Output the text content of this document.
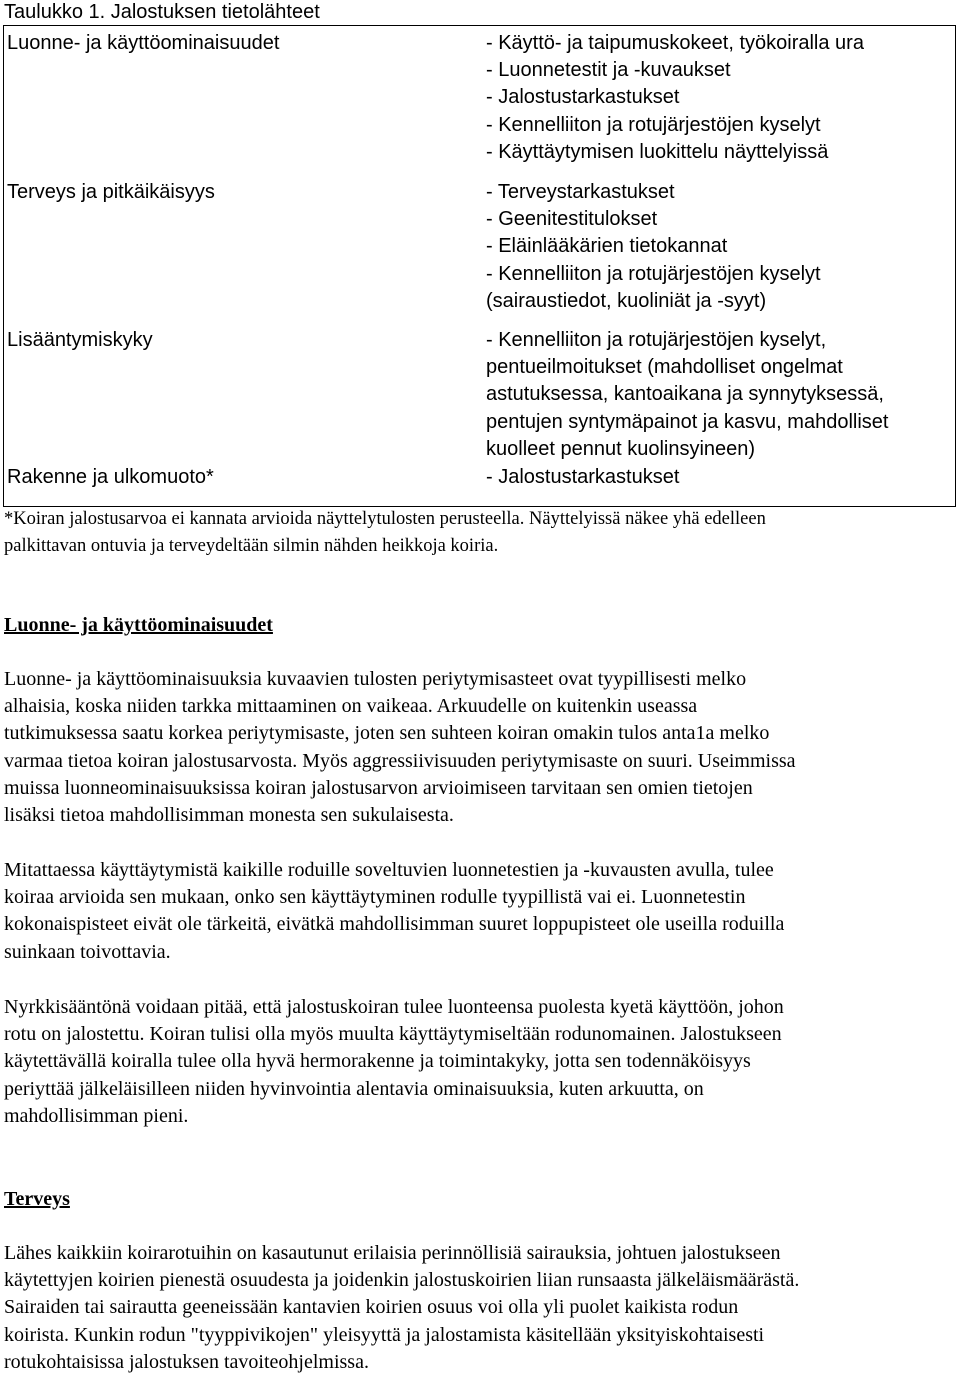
Taulukko 1. Jalostuksen tietolähteet
Luonne- ja käyttöominaisuudet	- Käyttö- ja taipumuskokeet, työkoiralla ura
- Luonnetestit ja -kuvaukset
- Jalostustarkastukset
- Kennelliiton ja rotujärjestöjen kyselyt
- Käyttäytymisen luokittelu näyttelyissä
Terveys ja pitkäikäisyys	- Terveystarkastukset
- Geenitestitulokset
- Eläinlääkärien tietokannat
- Kennelliiton ja rotujärjestöjen kyselyt
(sairaustiedot, kuoliniät ja -syyt)
Lisääntymiskyky	- Kennelliiton ja rotujärjestöjen kyselyt,
pentueilmoitukset (mahdolliset ongelmat
astutuksessa, kantoaikana ja synnytyksessä,
pentujen syntymäpainot ja kasvu, mahdolliset
kuolleet pennut kuolinsyineen)
Rakenne ja ulkomuoto*	- Jalostustarkastukset
*Koiran jalostusarvoa ei kannata arvioida näyttelytulosten perusteella. Näyttelyissä näkee yhä edelleen
palkittavan ontuvia ja terveydeltään silmin nähden heikkoja koiria.
Luonne- ja käyttöominaisuudet
Luonne- ja käyttöominaisuuksia kuvaavien tulosten periytymisasteet ovat tyypillisesti melko
alhaisia, koska niiden tarkka mittaaminen on vaikeaa. Arkuudelle on kuitenkin useassa
tutkimuksessa saatu korkea periytymisaste, joten sen suhteen koiran omakin tulos anta1a melko
varmaa tietoa koiran jalostusarvosta. Myös aggressiivisuuden periytymisaste on suuri. Useimmissa
muissa luonneominaisuuksissa koiran jalostusarvon arvioimiseen tarvitaan sen omien tietojen
lisäksi tietoa mahdollisimman monesta sen sukulaisesta.
Mitattaessa käyttäytymistä kaikille roduille soveltuvien luonnetestien ja -kuvausten avulla, tulee
koiraa arvioida sen mukaan, onko sen käyttäytyminen rodulle tyypillistä vai ei. Luonnetestin
kokonaispisteet eivät ole tärkeitä, eivätkä mahdollisimman suuret loppupisteet ole useilla roduilla
suinkaan toivottavia.
Nyrkkisääntönä voidaan pitää, että jalostuskoiran tulee luonteensa puolesta kyetä käyttöön, johon
rotu on jalostettu. Koiran tulisi olla myös muulta käyttäytymiseltään rodunomainen. Jalostukseen
käytettävällä koiralla tulee olla hyvä hermorakenne ja toimintakyky, jotta sen todennäköisyys
periyttää jälkeläisilleen niiden hyvinvointia alentavia ominaisuuksia, kuten arkuutta, on
mahdollisimman pieni.
Terveys
Lähes kaikkiin koirarotuihin on kasautunut erilaisia perinnöllisiä sairauksia, johtuen jalostukseen
käytettyjen koirien pienestä osuudesta ja joidenkin jalostuskoirien liian runsaasta jälkeläismäärästä.
Sairaiden tai sairautta geeneissään kantavien koirien osuus voi olla yli puolet kaikista rodun
koirista. Kunkin rodun "tyyppivikojen" yleisyyttä ja jalostamista käsitellään yksityiskohtaisesti
rotukohtaisissa jalostuksen tavoiteohjelmissa.
